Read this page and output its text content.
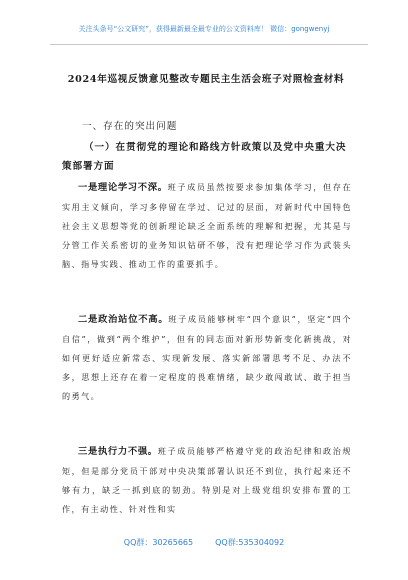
关注头条号“公文研究”，获得最新最全最专业的公文资料库！ 微信：gongwenyj
2024年巡视反馈意见整改专题民主生活会班子对照检查材料
一、存在的突出问题
（一）在贯彻党的理论和路线方针政策以及党中央重大决策部署方面
一是理论学习不深。班子成员虽然按要求参加集体学习，但存在实用主义倾向，学习多停留在学过、记过的层面，对新时代中国特色社会主义思想等党的创新理论缺乏全面系统的理解和把握，尤其是与分管工作关系密切的业务知识钻研不够，没有把理论学习作为武装头脑、指导实践、推动工作的重要抓手。
二是政治站位不高。班子成员能够树牢“四个意识”，坚定“四个自信”，做到“两个维护”，但有的同志面对新形势新变化新挑战，对如何更好适应新常态、实现新发展、落实新部署思考不足、办法不多，思想上还存在着一定程度的畏难情绪，缺少敢闯敢试、敢于担当的勇气。
三是执行力不强。班子成员能够严格遵守党的政治纪律和政治规矩，但是部分党员干部对中央决策部署认识还不到位，执行起来还不够有力，缺乏一抓到底的韧劲。特别是对上级党组织安排布置的工作，有主动性、针对性和实
QQ群：30265665	QQ群:535304092
